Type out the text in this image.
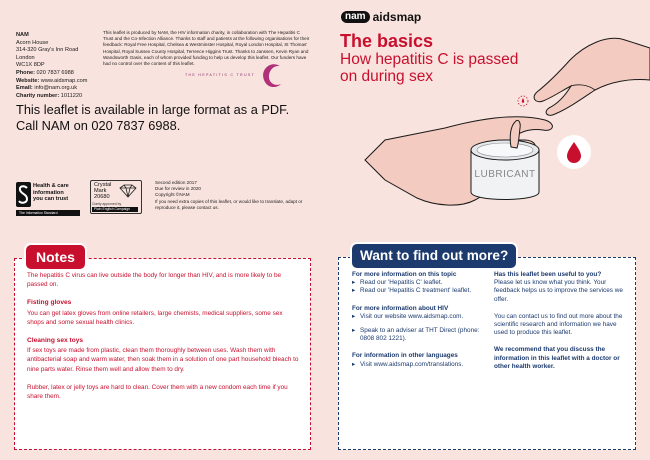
NAM
Acorn House
314-320 Gray's Inn Road
London
WC1X 8DP
Phone: 020 7837 6988
Website: www.aidsmap.com
Email: info@nam.org.uk
Charity number: 1011220
This leaflet is produced by NAM, the HIV information charity, in collaboration with The Hepatitis C Trust and the Co-Infection Alliance. Thanks to staff and patients at the following organisations for their feedback: Royal Free Hospital, Chelsea & Westminster Hospital, Royal London Hospital, St Thomas' Hospital, Royal Sussex County Hospital, Terrence Higgins Trust. Thanks to Janssen, Kevin Ryan and Wandsworth Oasis, each of whom provided funding to help us develop this leaflet. Our funders have had no control over the content of this leaflet.
THE HEPATITIS C TRUST
This leaflet is available in large format as a PDF.
Call NAM on 020 7837 6988.
Health & care
information
you can trust
The Information Standard
Crystal
Mark
20680
Clarity approved by
Plain English Campaign
Second edition 2017
Due for review in 2020
Copyright ©NAM
If you need extra copies of this leaflet, or would like to translate, adapt or reproduce it, please contact us.
Notes

The hepatitis C virus can live outside the body for longer than HIV, and is more likely to be passed on.

Fisting gloves

You can get latex gloves from online retailers, large chemists, medical suppliers, some sex shops and some sexual health clinics.

Cleaning sex toys

If sex toys are made from plastic, clean them thoroughly between uses. Wash them with antibacterial soap and warm water, then soak them in a solution of one part household bleach to nine parts water. Rinse them well and allow them to dry.

Rubber, latex or jelly toys are hard to clean. Cover them with a new condom each time if you share them.

nam aidsmap
The basics
How hepatitis C is passed on during sex
LUBRICANT
Want to find out more?
For more information on this topic
▸ Read our 'Hepatitis C' leaflet.
▸ Read our 'Hepatitis C treatment' leaflet.
For more information about HIV
▸ Visit our website www.aidsmap.com.
▸ Speak to an adviser at THT Direct (phone: 0808 802 1221).
For information in other languages
▸ Visit www.aidsmap.com/translations.
Has this leaflet been useful to you?

Please let us know what you think. Your feedback helps us to improve the services we offer.

You can contact us to find out more about the scientific research and information we have used to produce this leaflet.

We recommend that you discuss the information in this leaflet with a doctor or other health worker.
